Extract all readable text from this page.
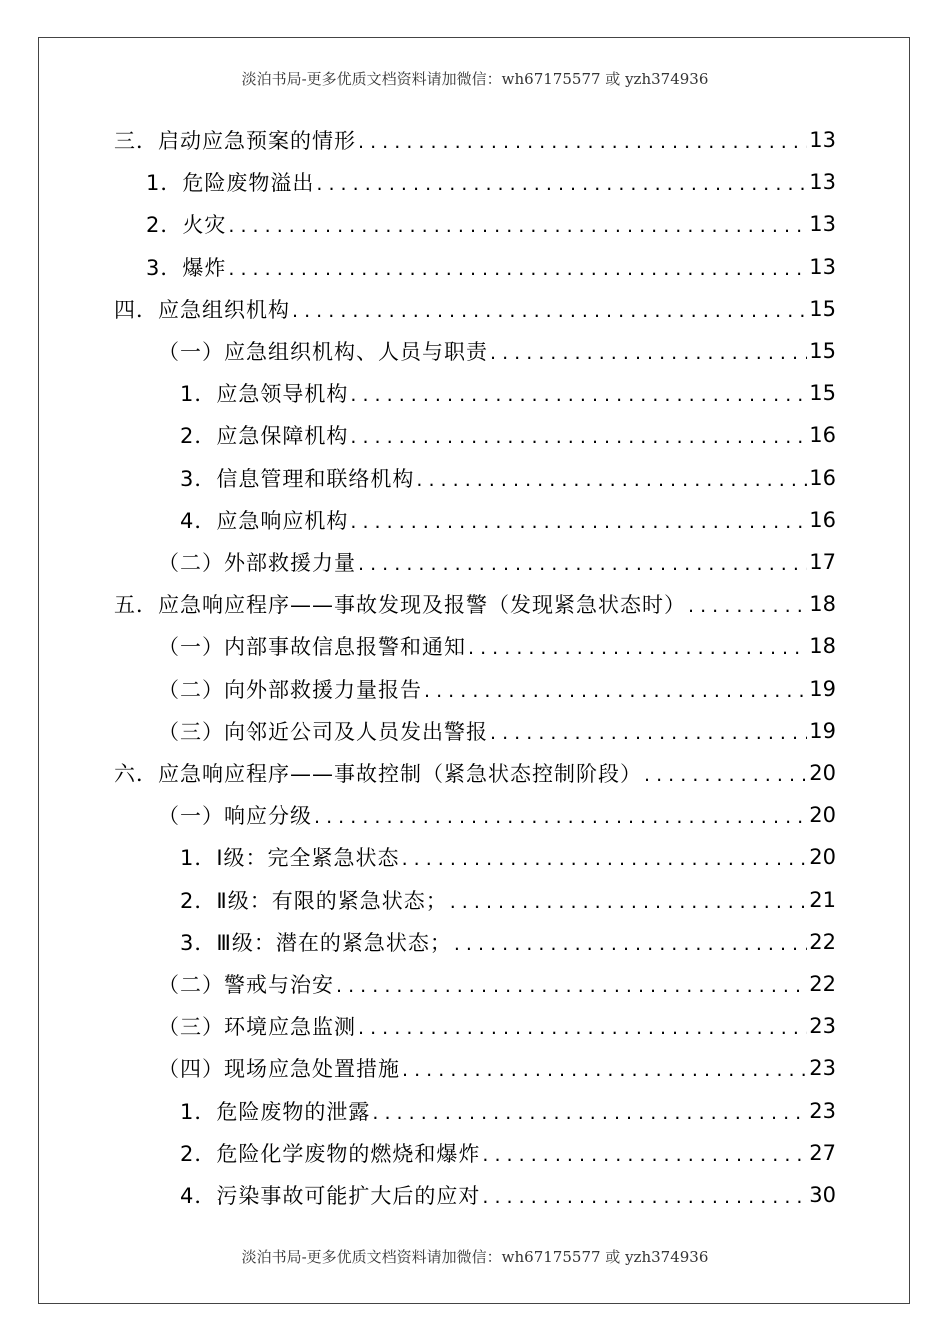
淡泊书局-更多优质文档资料请加微信：wh67175577 或 yzh374936
三．启动应急预案的情形 . . .	13
1．危险废物溢出 . . .	13
2．火灾 . . .	13
3．爆炸 . . .	13
四．应急组织机构 . . .	15
（一）应急组织机构、人员与职责 . . .	15
1．应急领导机构 . . .	15
2．应急保障机构 . . .	16
3．信息管理和联络机构 . . .	16
4．应急响应机构 . . .	16
（二）外部救援力量 . . .	17
五．应急响应程序——事故发现及报警（发现紧急状态时） . . .	18
（一）内部事故信息报警和通知 . . .	18
（二）向外部救援力量报告 . . .	19
（三）向邻近公司及人员发出警报 . . .	19
六．应急响应程序——事故控制（紧急状态控制阶段） . . .	20
（一）响应分级 . . .	20
1．Ⅰ级：完全紧急状态 . . .	20
2．Ⅱ级：有限的紧急状态； . . .	21
3．Ⅲ级：潜在的紧急状态； . . .	22
（二）警戒与治安 . . .	22
（三）环境应急监测 . . .	23
（四）现场应急处置措施 . . .	23
1．危险废物的泄露 . . .	23
2．危险化学废物的燃烧和爆炸 . . .	27
4．污染事故可能扩大后的应对 . . .	30
淡泊书局-更多优质文档资料请加微信：wh67175577 或 yzh374936
